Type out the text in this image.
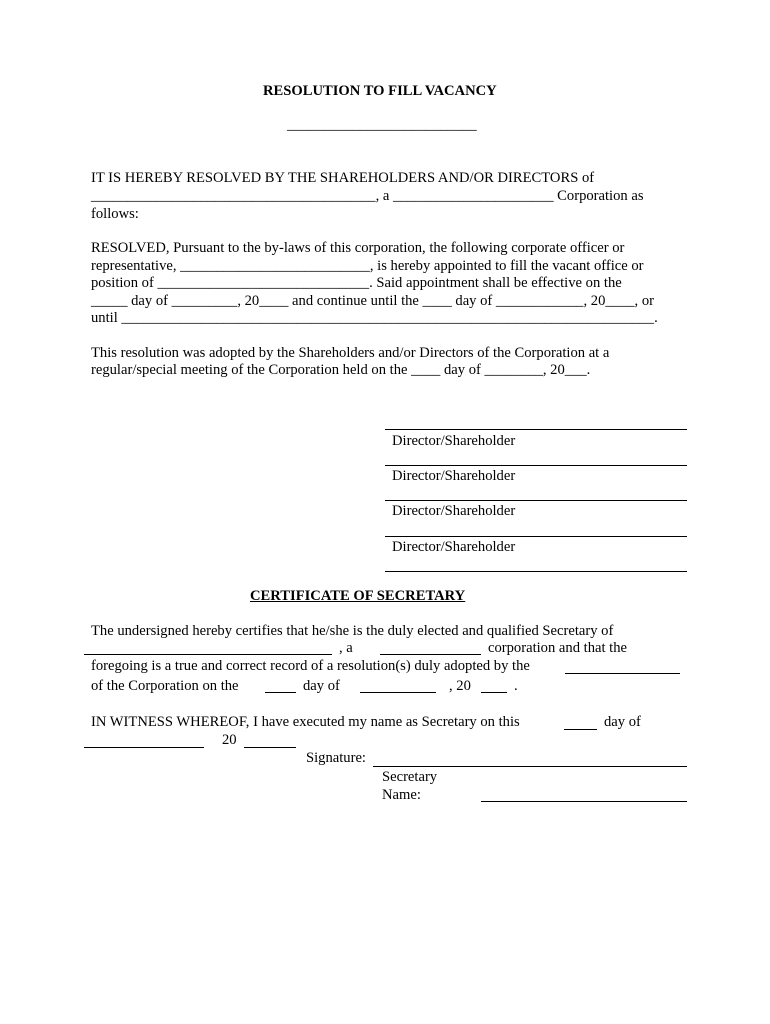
RESOLUTION TO FILL VACANCY
__________________________
IT IS HEREBY RESOLVED BY THE SHAREHOLDERS AND/OR DIRECTORS of
_______________________________________, a ______________________ Corporation as
follows:
RESOLVED, Pursuant to the by-laws of this corporation, the following corporate officer or
representative, __________________________, is hereby appointed to fill the vacant office or
position of _____________________________. Said appointment shall be effective on the
_____ day of _________, 20____ and continue until the ____ day of ____________, 20____, or
until _________________________________________________________________________.
This resolution was adopted by the Shareholders and/or Directors of the Corporation at a
regular/special meeting of the Corporation held on the ____ day of ________, 20___.
Director/Shareholder
Director/Shareholder
Director/Shareholder
Director/Shareholder
CERTIFICATE OF SECRETARY
The undersigned hereby certifies that he/she is the duly elected and qualified Secretary of
, a	corporation and that the
foregoing is a true and correct record of a resolution(s) duly adopted by the
of the Corporation on the	day of	, 20	.
IN WITNESS WHEREOF, I have executed my name as Secretary on this	day of
20
Signature:
Secretary
Name:
